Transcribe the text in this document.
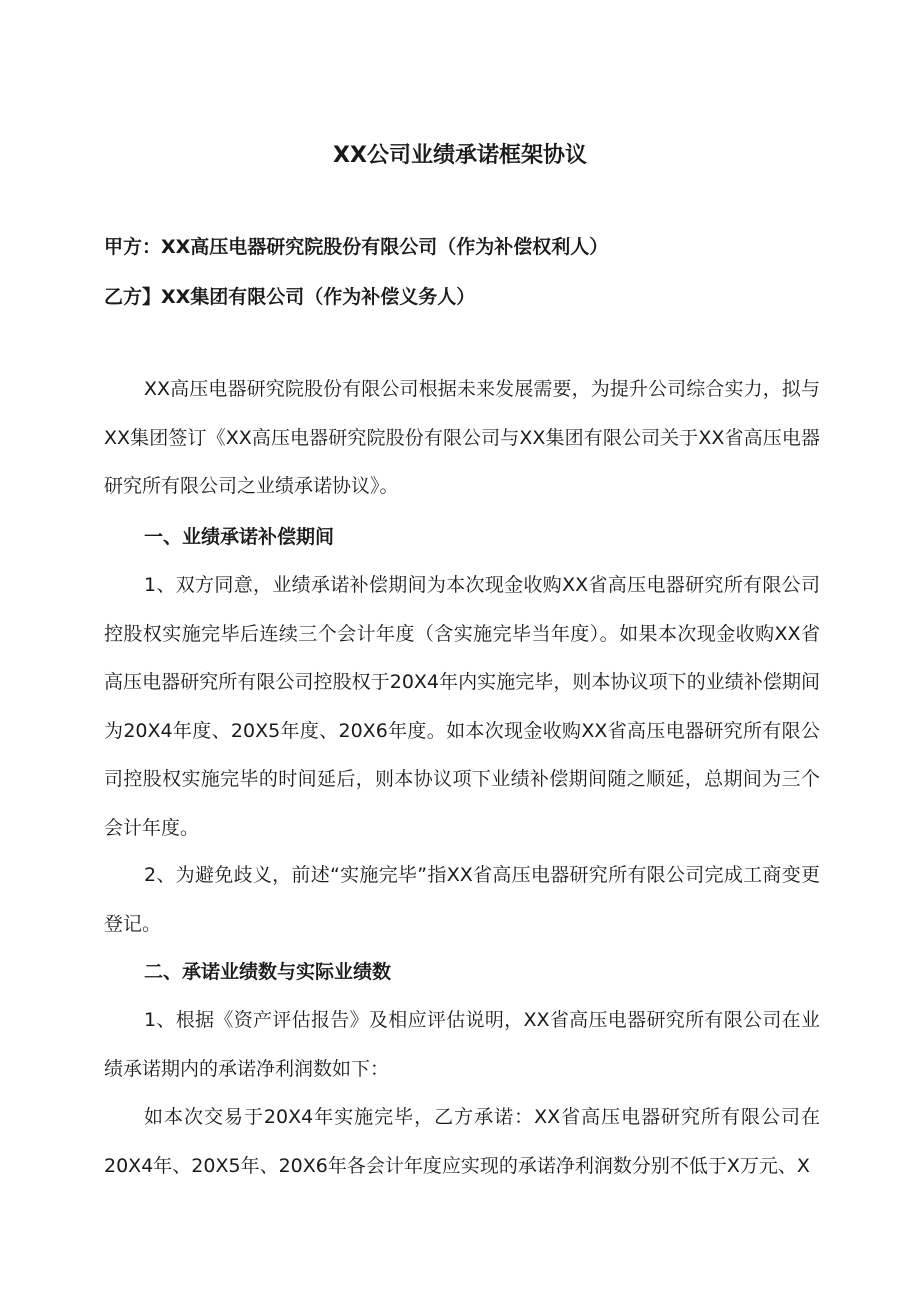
XX公司业绩承诺框架协议
甲方：XX高压电器研究院股份有限公司（作为补偿权利人）
乙方】XX集团有限公司（作为补偿义务人）

XX高压电器研究院股份有限公司根据未来发展需要，为提升公司综合实力，拟与XX集团签订《XX高压电器研究院股份有限公司与XX集团有限公司关于XX省高压电器研究所有限公司之业绩承诺协议》。

一、业绩承诺补偿期间

1、双方同意，业绩承诺补偿期间为本次现金收购XX省高压电器研究所有限公司控股权实施完毕后连续三个会计年度（含实施完毕当年度）。如果本次现金收购XX省高压电器研究所有限公司控股权于20X4年内实施完毕，则本协议项下的业绩补偿期间为20X4年度、20X5年度、20X6年度。如本次现金收购XX省高压电器研究所有限公司控股权实施完毕的时间延后，则本协议项下业绩补偿期间随之顺延，总期间为三个会计年度。

2、为避免歧义，前述“实施完毕”指XX省高压电器研究所有限公司完成工商变更登记。

二、承诺业绩数与实际业绩数

1、根据《资产评估报告》及相应评估说明，XX省高压电器研究所有限公司在业绩承诺期内的承诺净利润数如下：

如本次交易于20X4年实施完毕，乙方承诺：XX省高压电器研究所有限公司在20X4年、20X5年、20X6年各会计年度应实现的承诺净利润数分别不低于X万元、X
